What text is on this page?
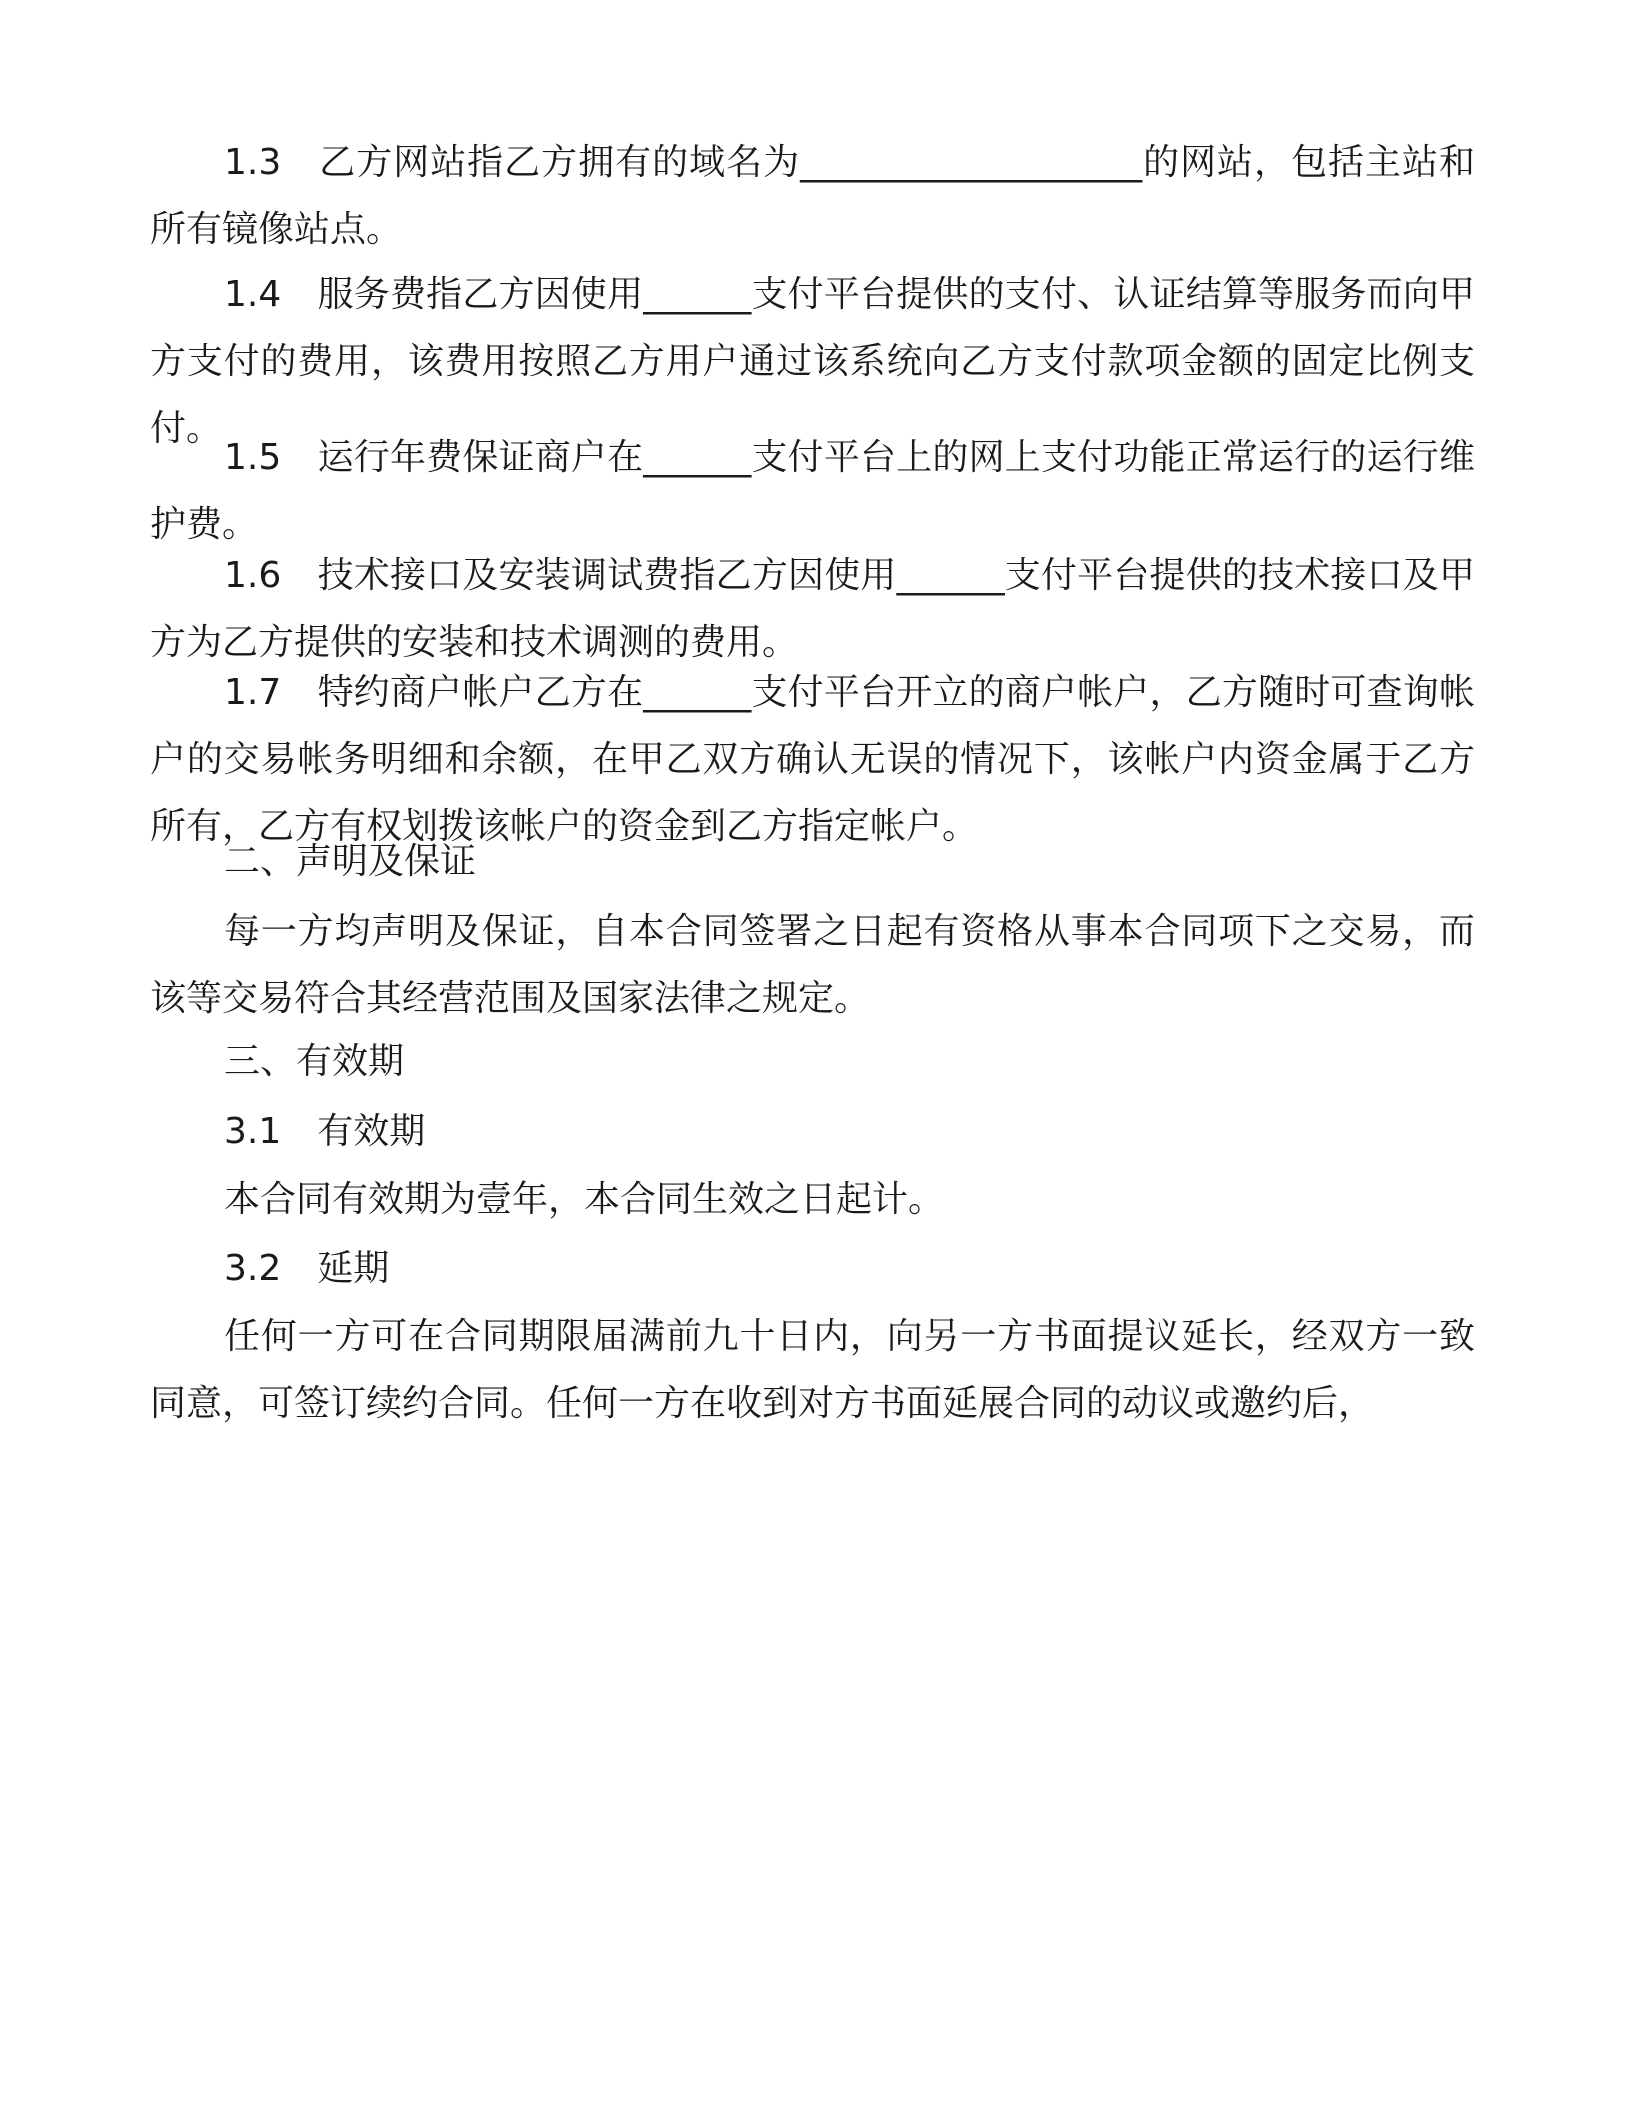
1.3　乙方网站指乙方拥有的域名为___________________的网站，包括主站和所有镜像站点。

1.4　服务费指乙方因使用______支付平台提供的支付、认证结算等服务而向甲方支付的费用，该费用按照乙方用户通过该系统向乙方支付款项金额的固定比例支付。

1.5　运行年费保证商户在______支付平台上的网上支付功能正常运行的运行维护费。

1.6　技术接口及安装调试费指乙方因使用______支付平台提供的技术接口及甲方为乙方提供的安装和技术调测的费用。

1.7　特约商户帐户乙方在______支付平台开立的商户帐户，乙方随时可查询帐户的交易帐务明细和余额，在甲乙双方确认无误的情况下，该帐户内资金属于乙方所有，乙方有权划拨该帐户的资金到乙方指定帐户。

二、声明及保证

每一方均声明及保证，自本合同签署之日起有资格从事本合同项下之交易，而该等交易符合其经营范围及国家法律之规定。

三、有效期

3.1　有效期

本合同有效期为壹年，本合同生效之日起计。

3.2　延期

任何一方可在合同期限届满前九十日内，向另一方书面提议延长，经双方一致同意，可签订续约合同。任何一方在收到对方书面延展合同的动议或邀约后，
